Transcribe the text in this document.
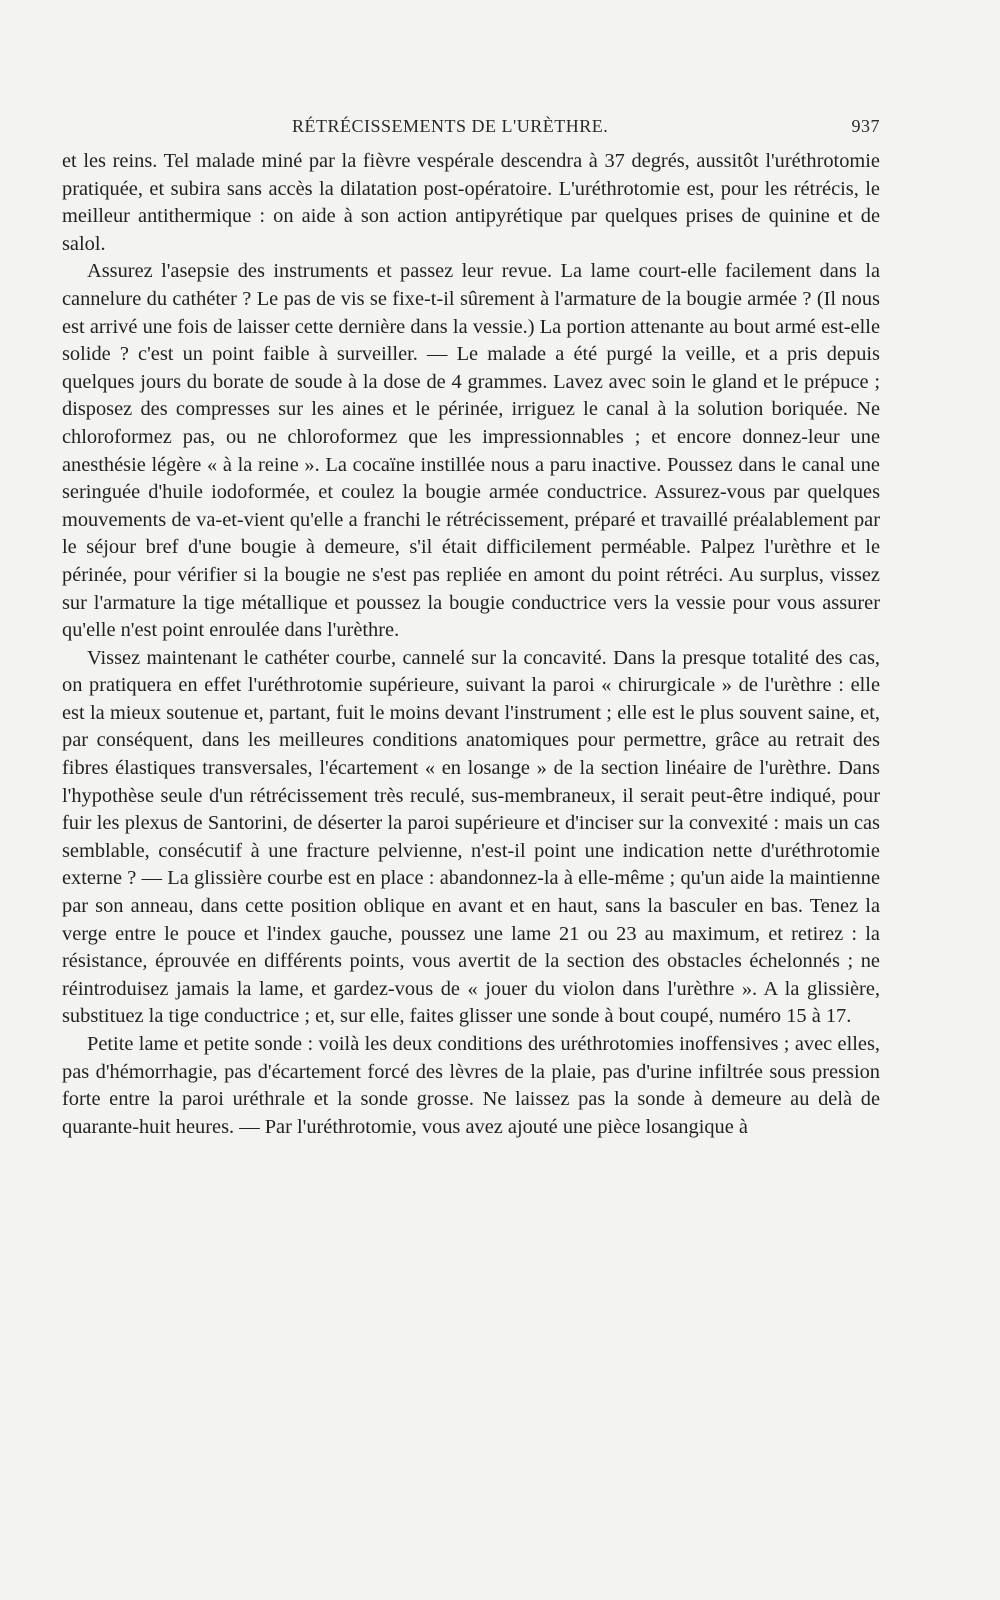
RÉTRÉCISSEMENTS DE L'URÈTHRE.	937

et les reins. Tel malade miné par la fièvre vespérale descendra à 37 degrés, aussitôt l'uréthrotomie pratiquée, et subira sans accès la dilatation post-opératoire. L'uréthrotomie est, pour les rétrécis, le meilleur antithermique : on aide à son action antipyrétique par quelques prises de quinine et de salol.

Assurez l'asepsie des instruments et passez leur revue. La lame court-elle facilement dans la cannelure du cathéter ? Le pas de vis se fixe-t-il sûrement à l'armature de la bougie armée ? (Il nous est arrivé une fois de laisser cette dernière dans la vessie.) La portion attenante au bout armé est-elle solide ? c'est un point faible à surveiller. — Le malade a été purgé la veille, et a pris depuis quelques jours du borate de soude à la dose de 4 grammes. Lavez avec soin le gland et le prépuce ; disposez des compresses sur les aines et le périnée, irriguez le canal à la solution boriquée. Ne chloroformez pas, ou ne chloroformez que les impressionnables ; et encore donnez-leur une anesthésie légère « à la reine ». La cocaïne instillée nous a paru inactive. Poussez dans le canal une seringuée d'huile iodoformée, et coulez la bougie armée conductrice. Assurez-vous par quelques mouvements de va-et-vient qu'elle a franchi le rétrécissement, préparé et travaillé préalablement par le séjour bref d'une bougie à demeure, s'il était difficilement perméable. Palpez l'urèthre et le périnée, pour vérifier si la bougie ne s'est pas repliée en amont du point rétréci. Au surplus, vissez sur l'armature la tige métallique et poussez la bougie conductrice vers la vessie pour vous assurer qu'elle n'est point enroulée dans l'urèthre.

Vissez maintenant le cathéter courbe, cannelé sur la concavité. Dans la presque totalité des cas, on pratiquera en effet l'uréthrotomie supérieure, suivant la paroi « chirurgicale » de l'urèthre : elle est la mieux soutenue et, partant, fuit le moins devant l'instrument ; elle est le plus souvent saine, et, par conséquent, dans les meilleures conditions anatomiques pour permettre, grâce au retrait des fibres élastiques transversales, l'écartement « en losange » de la section linéaire de l'urèthre. Dans l'hypothèse seule d'un rétrécissement très reculé, sus-membraneux, il serait peut-être indiqué, pour fuir les plexus de Santorini, de déserter la paroi supérieure et d'inciser sur la convexité : mais un cas semblable, consécutif à une fracture pelvienne, n'est-il point une indication nette d'uréthrotomie externe ? — La glissière courbe est en place : abandonnez-la à elle-même ; qu'un aide la maintienne par son anneau, dans cette position oblique en avant et en haut, sans la basculer en bas. Tenez la verge entre le pouce et l'index gauche, poussez une lame 21 ou 23 au maximum, et retirez : la résistance, éprouvée en différents points, vous avertit de la section des obstacles échelonnés ; ne réintroduisez jamais la lame, et gardez-vous de « jouer du violon dans l'urèthre ». A la glissière, substituez la tige conductrice ; et, sur elle, faites glisser une sonde à bout coupé, numéro 15 à 17.

Petite lame et petite sonde : voilà les deux conditions des uréthrotomies inoffensives ; avec elles, pas d'hémorrhagie, pas d'écartement forcé des lèvres de la plaie, pas d'urine infiltrée sous pression forte entre la paroi uréthrale et la sonde grosse. Ne laissez pas la sonde à demeure au delà de quarante-huit heures. — Par l'uréthrotomie, vous avez ajouté une pièce losangique à
